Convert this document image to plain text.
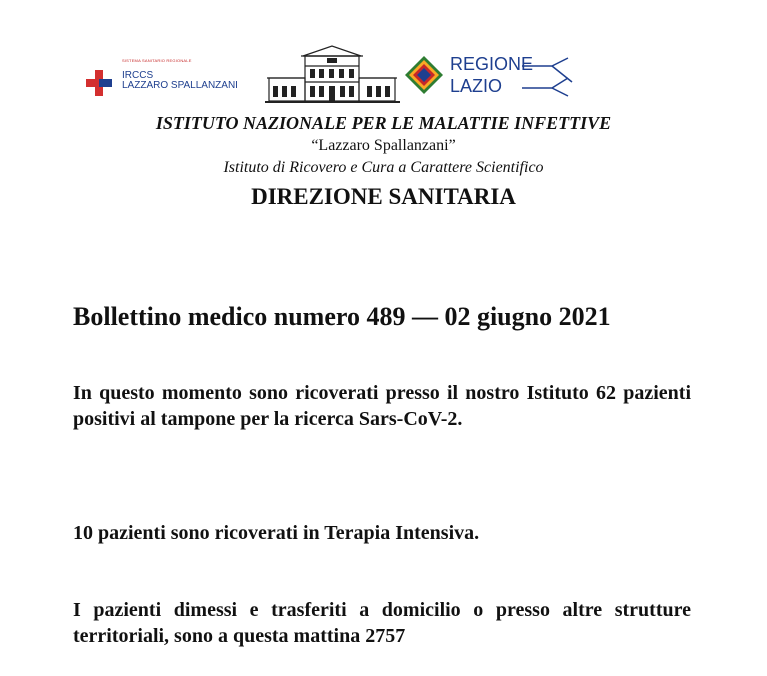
SISTEMA SANITARIO REGIONALE
IRCCS
LAZZARO SPALLANZANI
REGIONE
LAZIO
ISTITUTO NAZIONALE PER LE MALATTIE INFETTIVE
“Lazzaro Spallanzani”
Istituto di Ricovero e Cura a Carattere Scientifico
DIREZIONE SANITARIA
Bollettino medico numero 489 — 02 giugno 2021
In questo momento sono ricoverati presso il nostro Istituto 62 pazienti positivi al tampone per la ricerca Sars-CoV-2.
10 pazienti sono ricoverati in Terapia Intensiva.
I pazienti dimessi e trasferiti a domicilio o presso altre strutture territoriali, sono a questa mattina 2757
